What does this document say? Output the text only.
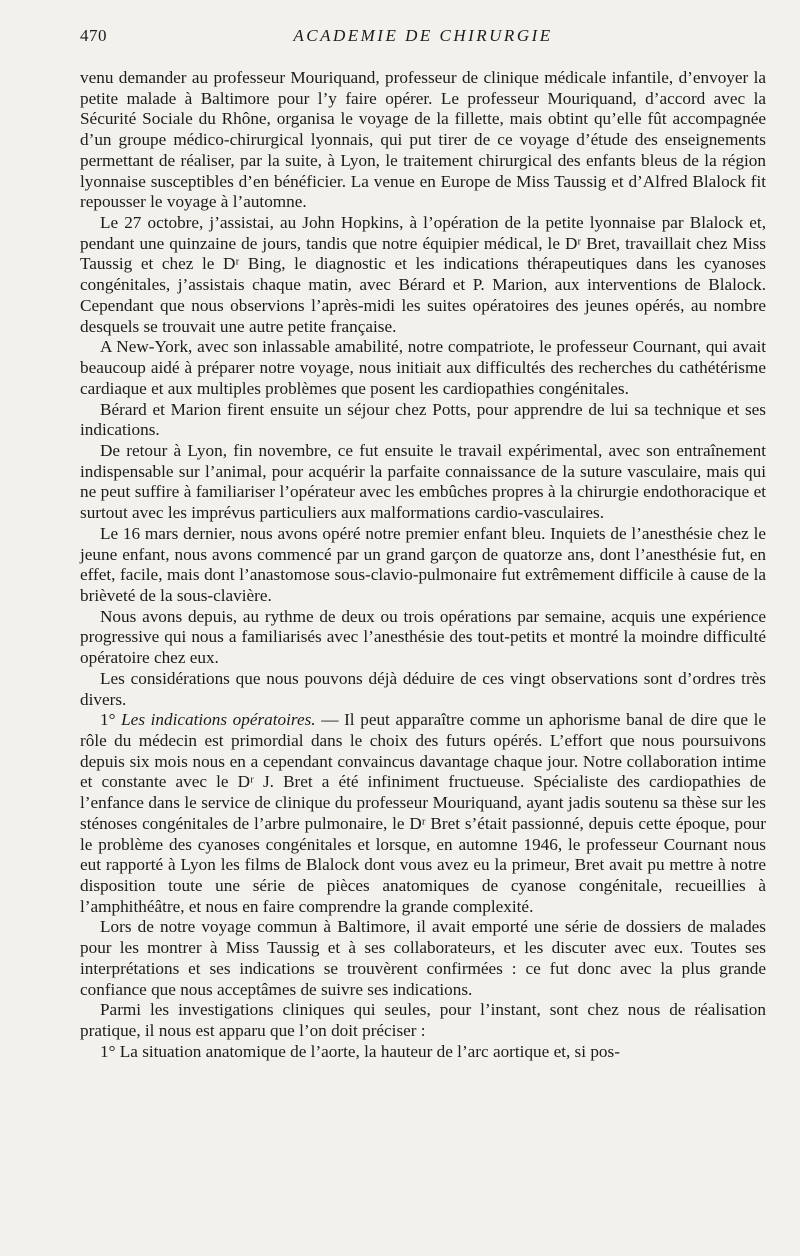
470	ACADEMIE DE CHIRURGIE

venu demander au professeur Mouriquand, professeur de clinique médicale infantile, d’envoyer la petite malade à Baltimore pour l’y faire opérer. Le professeur Mouriquand, d’accord avec la Sécurité Sociale du Rhône, organisa le voyage de la fillette, mais obtint qu’elle fût accompagnée d’un groupe médico-chirurgical lyonnais, qui put tirer de ce voyage d’étude des enseignements permettant de réaliser, par la suite, à Lyon, le traitement chirurgical des enfants bleus de la région lyonnaise susceptibles d’en bénéficier. La venue en Europe de Miss Taussig et d’Alfred Blalock fit repousser le voyage à l’automne.

Le 27 octobre, j’assistai, au John Hopkins, à l’opération de la petite lyonnaise par Blalock et, pendant une quinzaine de jours, tandis que notre équipier médical, le Dʳ Bret, travaillait chez Miss Taussig et chez le Dʳ Bing, le diagnostic et les indications thérapeutiques dans les cyanoses congénitales, j’assistais chaque matin, avec Bérard et P. Marion, aux interventions de Blalock. Cependant que nous observions l’après-midi les suites opératoires des jeunes opérés, au nombre desquels se trouvait une autre petite française.

A New-York, avec son inlassable amabilité, notre compatriote, le professeur Cournant, qui avait beaucoup aidé à préparer notre voyage, nous initiait aux difficultés des recherches du cathétérisme cardiaque et aux multiples problèmes que posent les cardiopathies congénitales.

Bérard et Marion firent ensuite un séjour chez Potts, pour apprendre de lui sa technique et ses indications.

De retour à Lyon, fin novembre, ce fut ensuite le travail expérimental, avec son entraînement indispensable sur l’animal, pour acquérir la parfaite connaissance de la suture vasculaire, mais qui ne peut suffire à familiariser l’opérateur avec les embûches propres à la chirurgie endothoracique et surtout avec les imprévus particuliers aux malformations cardio-vasculaires.

Le 16 mars dernier, nous avons opéré notre premier enfant bleu. Inquiets de l’anesthésie chez le jeune enfant, nous avons commencé par un grand garçon de quatorze ans, dont l’anesthésie fut, en effet, facile, mais dont l’anastomose sous-clavio-pulmonaire fut extrêmement difficile à cause de la brièveté de la sous-clavière.

Nous avons depuis, au rythme de deux ou trois opérations par semaine, acquis une expérience progressive qui nous a familiarisés avec l’anesthésie des tout-petits et montré la moindre difficulté opératoire chez eux.

Les considérations que nous pouvons déjà déduire de ces vingt observations sont d’ordres très divers.

1° Les indications opératoires. — Il peut apparaître comme un aphorisme banal de dire que le rôle du médecin est primordial dans le choix des futurs opérés. L’effort que nous poursuivons depuis six mois nous en a cependant convaincus davantage chaque jour. Notre collaboration intime et constante avec le Dʳ J. Bret a été infiniment fructueuse. Spécialiste des cardiopathies de l’enfance dans le service de clinique du professeur Mouriquand, ayant jadis soutenu sa thèse sur les sténoses congénitales de l’arbre pulmonaire, le Dʳ Bret s’était passionné, depuis cette époque, pour le problème des cyanoses congénitales et lorsque, en automne 1946, le professeur Cournant nous eut rapporté à Lyon les films de Blalock dont vous avez eu la primeur, Bret avait pu mettre à notre disposition toute une série de pièces anatomiques de cyanose congénitale, recueillies à l’amphithéâtre, et nous en faire comprendre la grande complexité.

Lors de notre voyage commun à Baltimore, il avait emporté une série de dossiers de malades pour les montrer à Miss Taussig et à ses collaborateurs, et les discuter avec eux. Toutes ses interprétations et ses indications se trouvèrent confirmées : ce fut donc avec la plus grande confiance que nous acceptâmes de suivre ses indications.

Parmi les investigations cliniques qui seules, pour l’instant, sont chez nous de réalisation pratique, il nous est apparu que l’on doit préciser :

1° La situation anatomique de l’aorte, la hauteur de l’arc aortique et, si pos-
